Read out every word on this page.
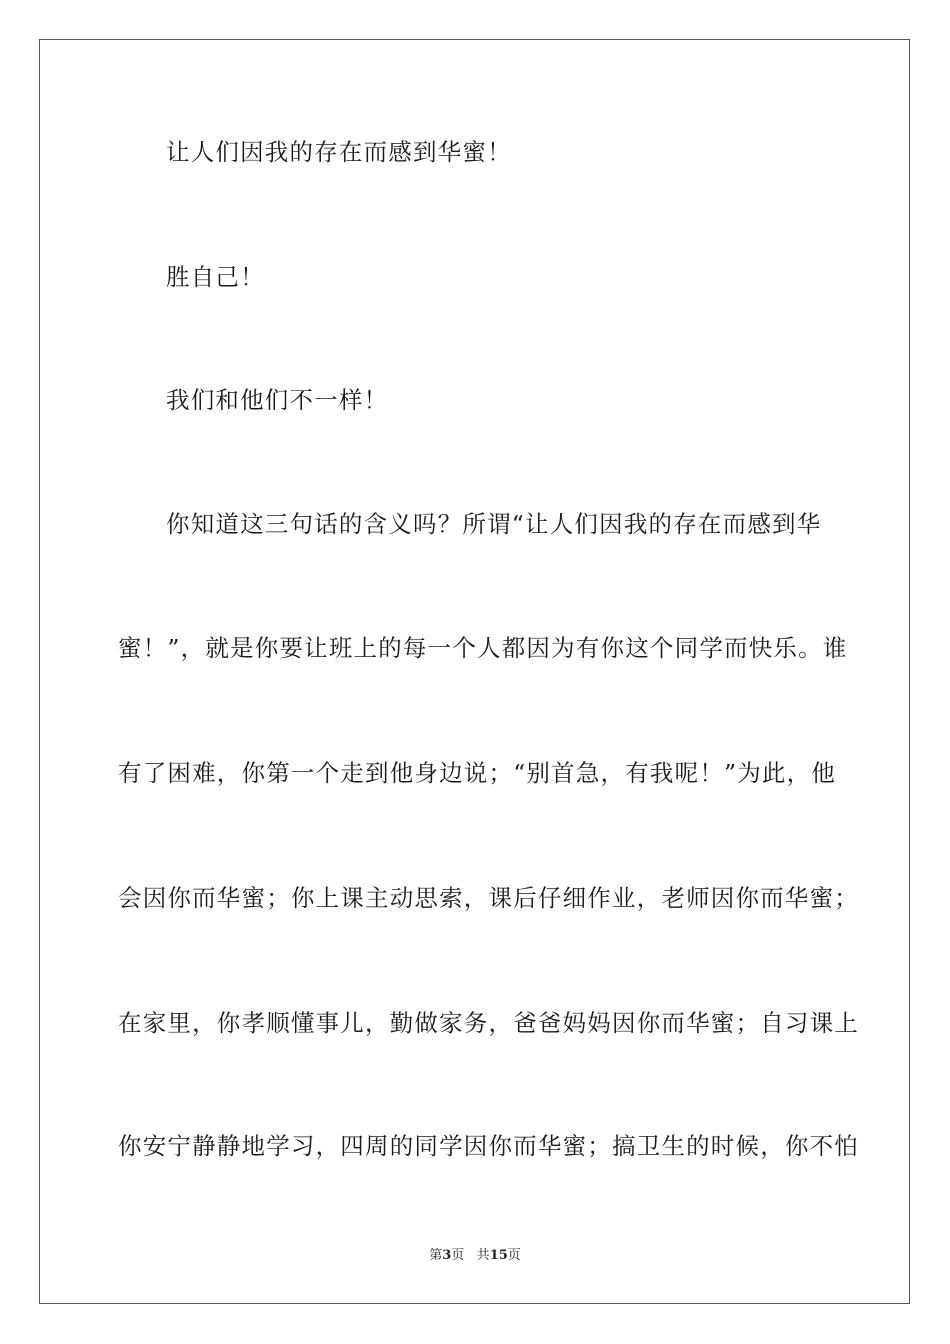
让人们因我的存在而感到华蜜！
胜自己！
我们和他们不一样！
你知道这三句话的含义吗？所谓“让人们因我的存在而感到华
蜜！”，就是你要让班上的每一个人都因为有你这个同学而快乐。谁
有了困难，你第一个走到他身边说；“别首急，有我呢！”为此，他
会因你而华蜜；你上课主动思索，课后仔细作业，老师因你而华蜜；
在家里，你孝顺懂事儿，勤做家务，爸爸妈妈因你而华蜜；自习课上
你安宁静静地学习，四周的同学因你而华蜜；搞卫生的时候，你不怕
第3页 共15页
